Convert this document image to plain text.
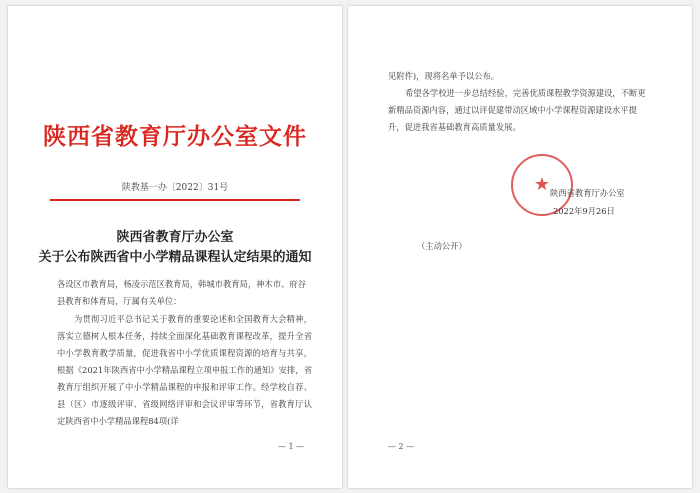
陕西省教育厅办公室文件
陕教基一办〔2022〕31号
陕西省教育厅办公室
关于公布陕西省中小学精品课程认定结果的通知
各设区市教育局，杨凌示范区教育局，韩城市教育局，神木市、府谷县教育和体育局，厅属有关单位：
为贯彻习近平总书记关于教育的重要论述和全国教育大会精神，落实立德树人根本任务，持续全面深化基础教育课程改革，提升全省中小学教育教学质量，促进我省中小学优质课程资源的培育与共享，根据《2021年陕西省中小学精品课程立项申报工作的通知》安排，省教育厅组织开展了中小学精品课程的申报和评审工作。经学校自荐、县（区）市逐级评审、省级网络评审和会议评审等环节，省教育厅认定陕西省中小学精品课程84项(详
— 1 —

见附件)，现将名单予以公布。

希望各学校进一步总结经验，完善优质课程教学资源建设，不断更新精品资源内容，通过以评促建带动区域中小学课程资源建设水平提升，促进我省基础教育高质量发展。

★ 陕西省教育厅办公室
2022年9月26日
（主动公开）
— 2 —
